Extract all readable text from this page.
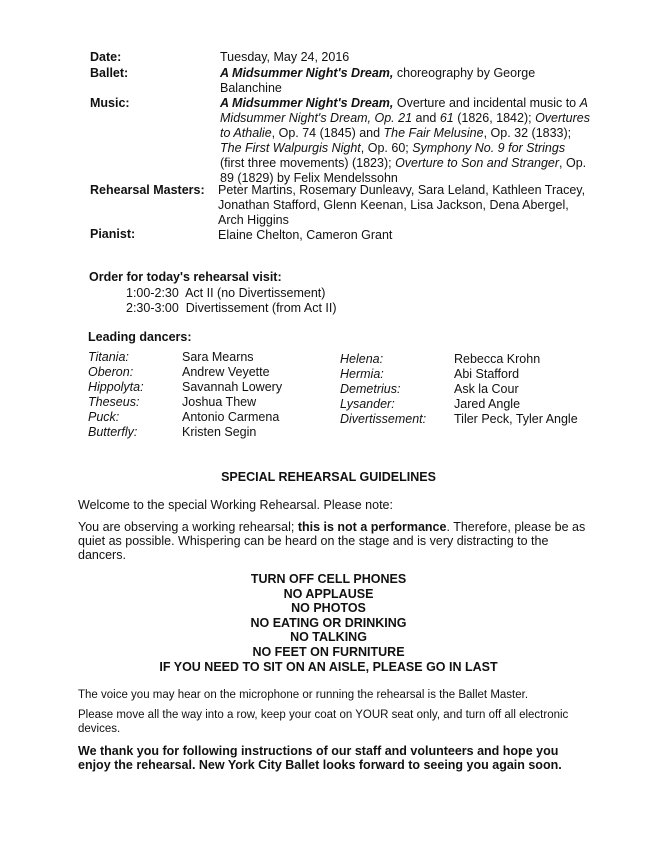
Date:	Tuesday, May 24, 2016
Ballet:	A Midsummer Night's Dream, choreography by George Balanchine
Music:	A Midsummer Night's Dream, Overture and incidental music to A Midsummer Night's Dream, Op. 21 and 61 (1826, 1842); Overtures to Athalie, Op. 74 (1845) and The Fair Melusine, Op. 32 (1833); The First Walpurgis Night, Op. 60; Symphony No. 9 for Strings (first three movements) (1823); Overture to Son and Stranger, Op. 89 (1829) by Felix Mendelssohn
Rehearsal Masters: Peter Martins, Rosemary Dunleavy, Sara Leland, Kathleen Tracey, Jonathan Stafford, Glenn Keenan, Lisa Jackson, Dena Abergel, Arch Higgins
Pianist:	Elaine Chelton, Cameron Grant
Order for today's rehearsal visit:
1:00-2:30 Act II (no Divertissement)
2:30-3:00 Divertissement (from Act II)
Leading dancers:
Titania:	Sara Mearns
Oberon:	Andrew Veyette
Hippolyta:	Savannah Lowery
Theseus:	Joshua Thew
Puck:	Antonio Carmena
Butterfly:	Kristen Segin
Helena:	Rebecca Krohn
Hermia:	Abi Stafford
Demetrius:	Ask la Cour
Lysander:	Jared Angle
Divertissement: Tiler Peck, Tyler Angle
SPECIAL REHEARSAL GUIDELINES
Welcome to the special Working Rehearsal. Please note:
You are observing a working rehearsal; this is not a performance. Therefore, please be as quiet as possible. Whispering can be heard on the stage and is very distracting to the dancers.
TURN OFF CELL PHONES
NO APPLAUSE
NO PHOTOS
NO EATING OR DRINKING
NO TALKING
NO FEET ON FURNITURE
IF YOU NEED TO SIT ON AN AISLE, PLEASE GO IN LAST
The voice you may hear on the microphone or running the rehearsal is the Ballet Master.
Please move all the way into a row, keep your coat on YOUR seat only, and turn off all electronic devices.
We thank you for following instructions of our staff and volunteers and hope you enjoy the rehearsal. New York City Ballet looks forward to seeing you again soon.
